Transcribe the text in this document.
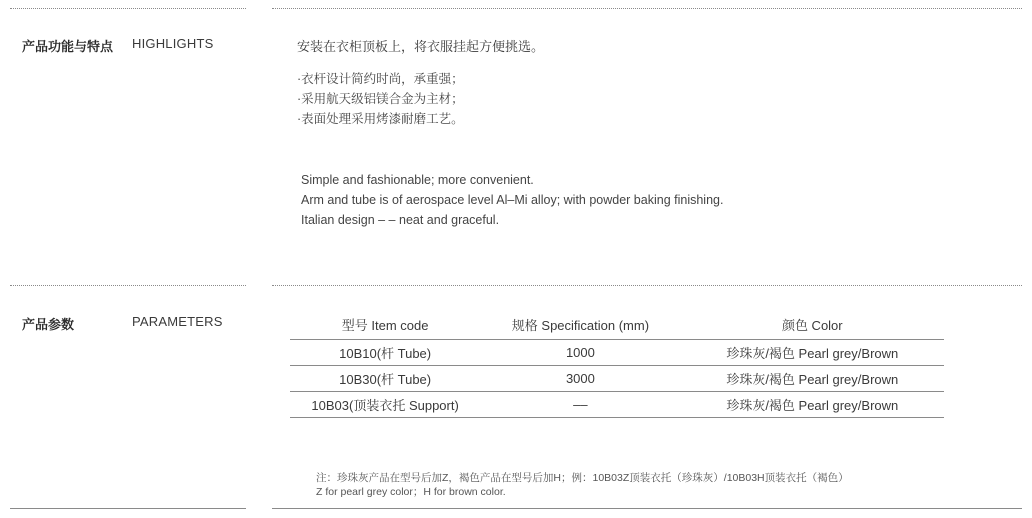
产品功能与特点 HIGHLIGHTS	安装在衣柜顶板上，将衣服挂起方便挑选。
·衣杆设计简约时尚，承重强；
·采用航天级铝镁合金为主材；
·表面处理采用烤漆耐磨工艺。
Simple and fashionable; more convenient.
Arm and tube is of aerospace level Al–Mi alloy; with powder baking finishing.
Italian design – – neat and graceful.
产品参数	PARAMETERS	型号 Item code	规格 Specification (mm)	颜色 Color
10B10(杆 Tube)	1000	珍珠灰/褐色 Pearl grey/Brown
10B30(杆 Tube)	3000	珍珠灰/褐色 Pearl grey/Brown
10B03(顶装衣托 Support)	––	珍珠灰/褐色 Pearl grey/Brown
注：珍珠灰产品在型号后加Z，褐色产品在型号后加H；例：10B03Z顶装衣托（珍珠灰）/10B03H顶装衣托（褐色）
Z for pearl grey color；H for brown color.
